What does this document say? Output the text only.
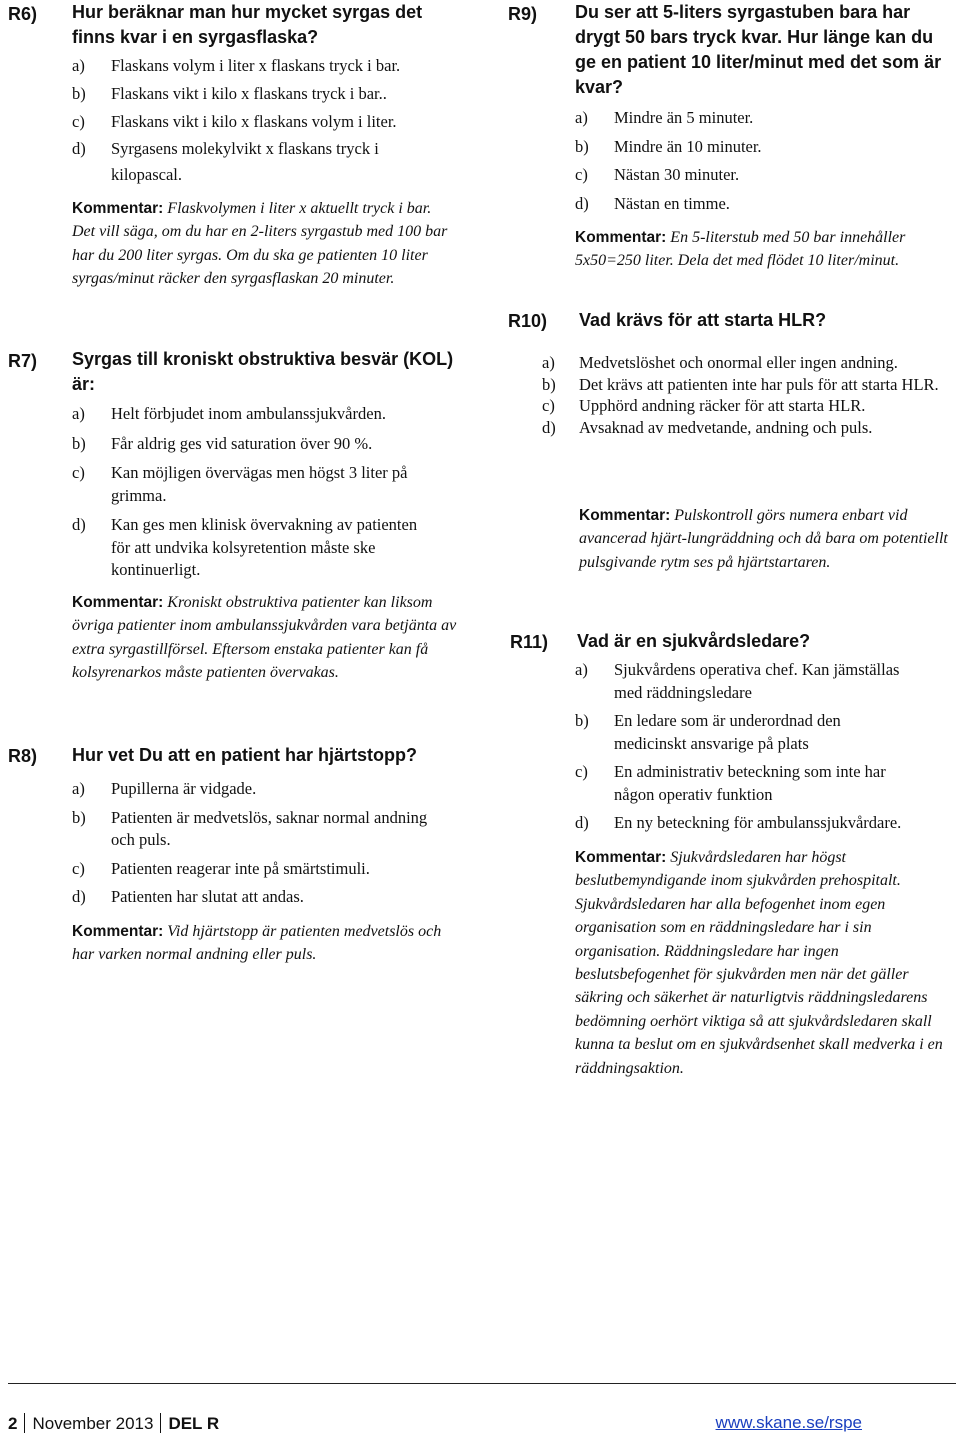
R6) Hur beräknar man hur mycket syrgas det finns kvar i en syrgasflaska?
a) Flaskans volym i liter x flaskans tryck i bar.
b) Flaskans vikt i kilo x flaskans tryck i bar..
c) Flaskans vikt i kilo x flaskans volym i liter.
d) Syrgasens molekylvikt x flaskans tryck i kilopascal.
Kommentar: Flaskvolymen i liter x aktuellt tryck i bar. Det vill säga, om du har en 2-liters syrgastub med 100 bar har du 200 liter syrgas. Om du ska ge patienten 10 liter syrgas/minut räcker den syrgasflaskan 20 minuter.
R7) Syrgas till kroniskt obstruktiva besvär (KOL) är:
a) Helt förbjudet inom ambulanssjukvården.
b) Får aldrig ges vid saturation över 90 %.
c) Kan möjligen övervägas men högst 3 liter på grimma.
d) Kan ges men klinisk övervakning av patienten för att undvika kolsyretention måste ske kontinuerligt.
Kommentar: Kroniskt obstruktiva patienter kan liksom övriga patienter inom ambulanssjukvården vara betjänta av extra syrgastillförsel. Eftersom enstaka patienter kan få kolsyrenarkos måste patienten övervakas.
R8) Hur vet Du att en patient har hjärtstopp?
a) Pupillerna är vidgade.
b) Patienten är medvetslös, saknar normal andning och puls.
c) Patienten reagerar inte på smärtstimuli.
d) Patienten har slutat att andas.
Kommentar: Vid hjärtstopp är patienten medvetslös och har varken normal andning eller puls.
R9) Du ser att 5-liters syrgastuben bara har drygt 50 bars tryck kvar. Hur länge kan du ge en patient 10 liter/minut med det som är kvar?
a) Mindre än 5 minuter.
b) Mindre än 10 minuter.
c) Nästan 30 minuter.
d) Nästan en timme.
Kommentar: En 5-literstub med 50 bar innehåller 5x50=250 liter. Dela det med flödet 10 liter/minut.
R10) Vad krävs för att starta HLR?
a) Medvetslöshet och onormal eller ingen andning.
b) Det krävs att patienten inte har puls för att starta HLR.
c) Upphörd andning räcker för att starta HLR.
d) Avsaknad av medvetande, andning och puls.
Kommentar: Pulskontroll görs numera enbart vid avancerad hjärt-lungräddning och då bara om potentiellt pulsgivande rytm ses på hjärtstartaren.
R11) Vad är en sjukvårdsledare?
a) Sjukvårdens operativa chef. Kan jämställas med räddningsledare
b) En ledare som är underordnad den medicinskt ansvarige på plats
c) En administrativ beteckning som inte har någon operativ funktion
d) En ny beteckning för ambulanssjukvårdare.
Kommentar: Sjukvårdsledaren har högst beslutbemyndigande inom sjukvården prehospitalt. Sjukvårdsledaren har alla befogenhet inom egen organisation som en räddningsledare har i sin organisation. Räddningsledare har ingen beslutsbefogenhet för sjukvården men när det gäller säkring och säkerhet är naturligtvis räddningsledarens bedömning oerhört viktiga så att sjukvårdsledaren skall kunna ta beslut om en sjukvårdsenhet skall medverka i en räddningsaktion.
2 November 2013 DEL R	www.skane.se/rspe
